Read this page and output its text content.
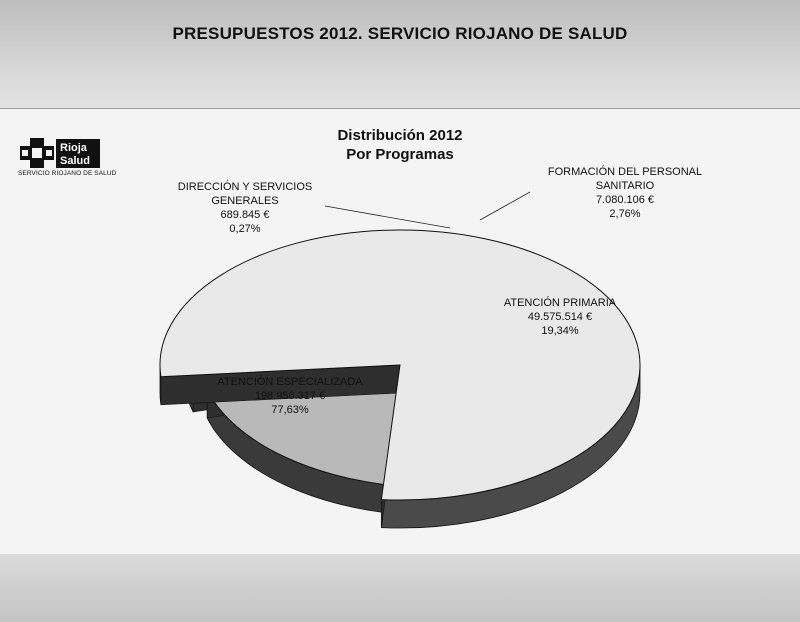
PRESUPUESTOS 2012. SERVICIO RIOJANO DE SALUD
Rioja
Salud
SERVICIO RIOJANO DE SALUD
Distribución 2012
Por Programas
DIRECCIÓN Y SERVICIOS
GENERALES
689.845 €
0,27%
FORMACIÓN DEL PERSONAL
SANITARIO
7.080.106 €
2,76%
ATENCIÓN PRIMARIA
49.575.514 €
19,34%
ATENCIÓN ESPECIALIZADA
198.956.317 €
77,63%
